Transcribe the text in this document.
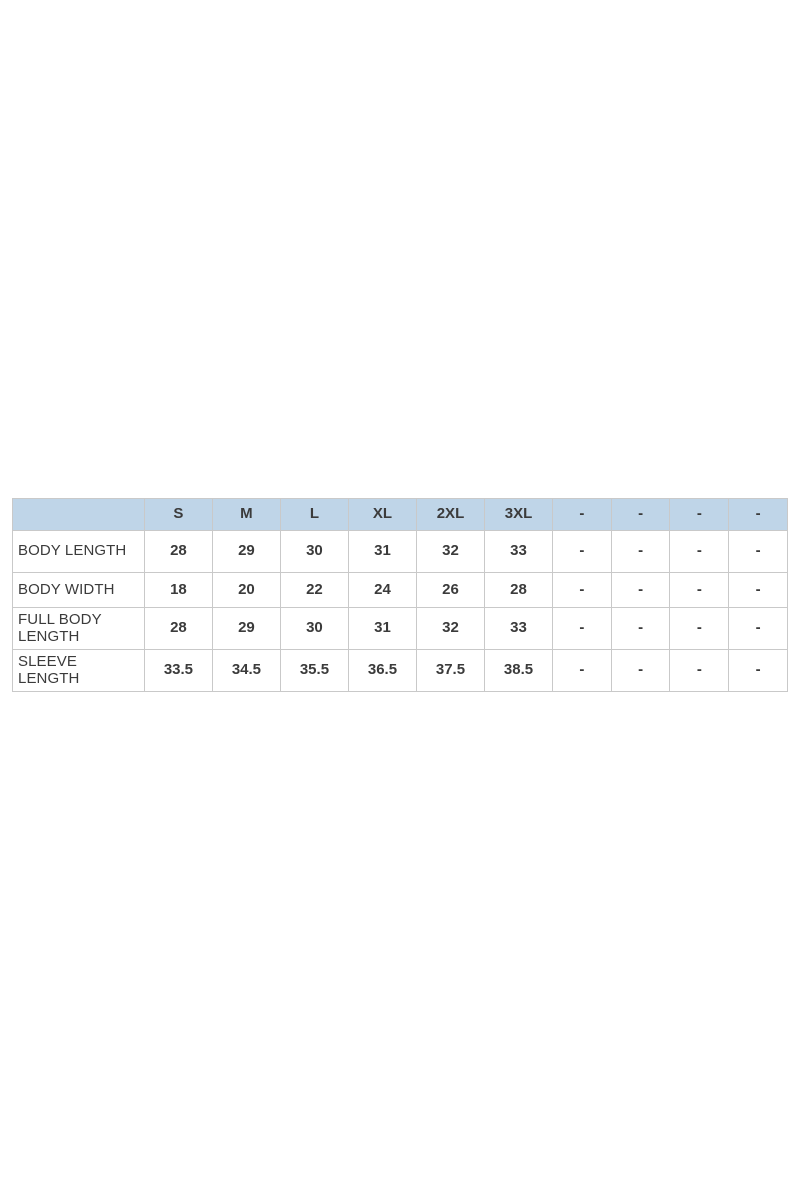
	S	M	L	XL	2XL	3XL	-	-	-	-
BODY LENGTH	28	29	30	31	32	33	-	-	-	-
BODY WIDTH	18	20	22	24	26	28	-	-	-	-
FULL BODY LENGTH	28	29	30	31	32	33	-	-	-	-
SLEEVE LENGTH	33.5	34.5	35.5	36.5	37.5	38.5	-	-	-	-
